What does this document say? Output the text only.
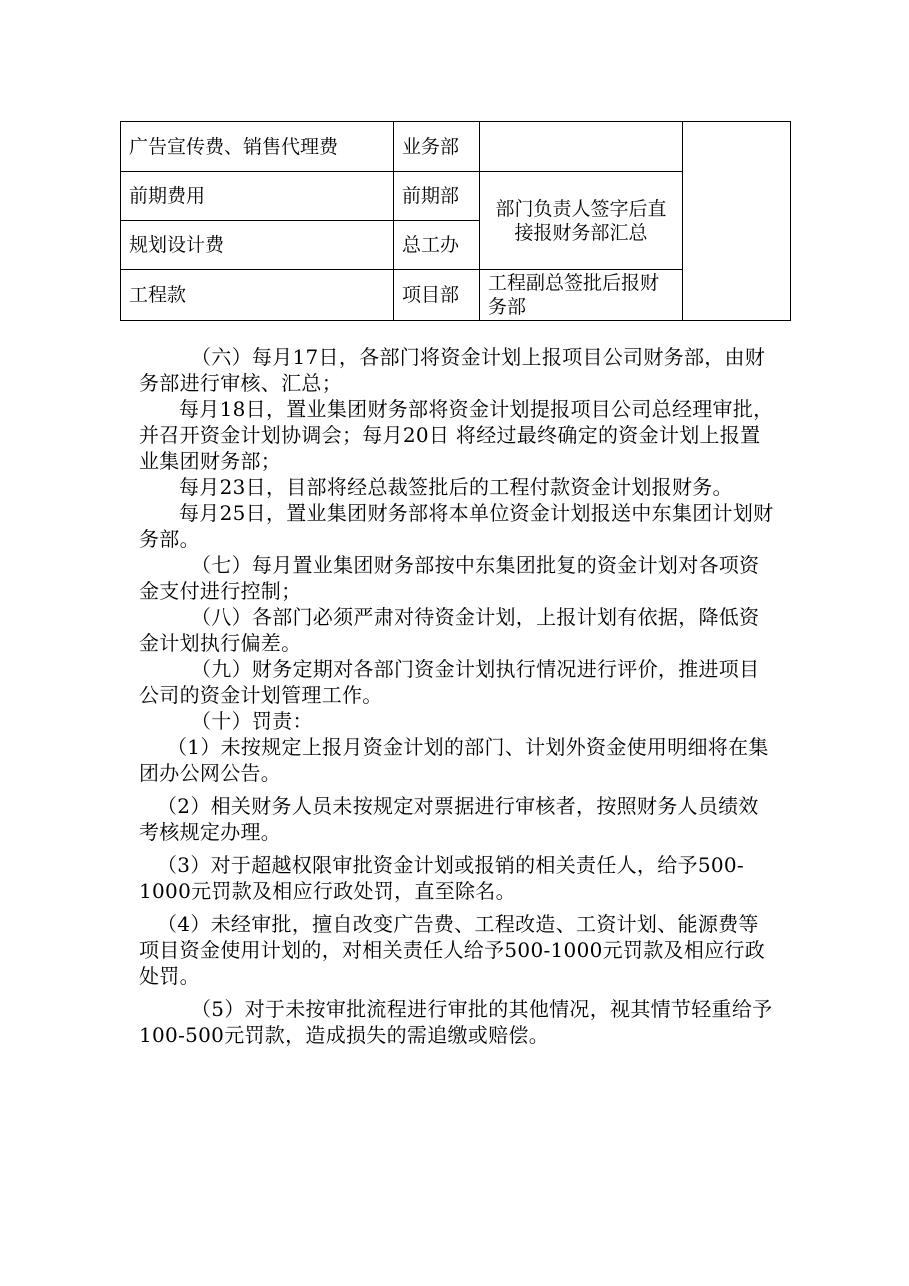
广告宣传费、销售代理费	业务部		
前期费用	前期部	部门负责人签字后直接报财务部汇总	
规划设计费	总工办		
工程款	项目部	工程副总签批后报财务部	

（六）每月17日，各部门将资金计划上报项目公司财务部，由财务部进行审核、汇总；

每月18日，置业集团财务部将资金计划提报项目公司总经理审批，并召开资金计划协调会；每月20日 将经过最终确定的资金计划上报置业集团财务部；

每月23日，目部将经总裁签批后的工程付款资金计划报财务。

每月25日，置业集团财务部将本单位资金计划报送中东集团计划财务部。

（七）每月置业集团财务部按中东集团批复的资金计划对各项资金支付进行控制；

（八）各部门必须严肃对待资金计划，上报计划有依据，降低资金计划执行偏差。

（九）财务定期对各部门资金计划执行情况进行评价，推进项目公司的资金计划管理工作。

（十）罚责：

（1）未按规定上报月资金计划的部门、计划外资金使用明细将在集团办公网公告。

（2）相关财务人员未按规定对票据进行审核者，按照财务人员绩效考核规定办理。

（3）对于超越权限审批资金计划或报销的相关责任人，给予500-1000元罚款及相应行政处罚，直至除名。

（4）未经审批，擅自改变广告费、工程改造、工资计划、能源费等项目资金使用计划的，对相关责任人给予500-1000元罚款及相应行政处罚。

（5）对于未按审批流程进行审批的其他情况，视其情节轻重给予100-500元罚款，造成损失的需追缴或赔偿。
